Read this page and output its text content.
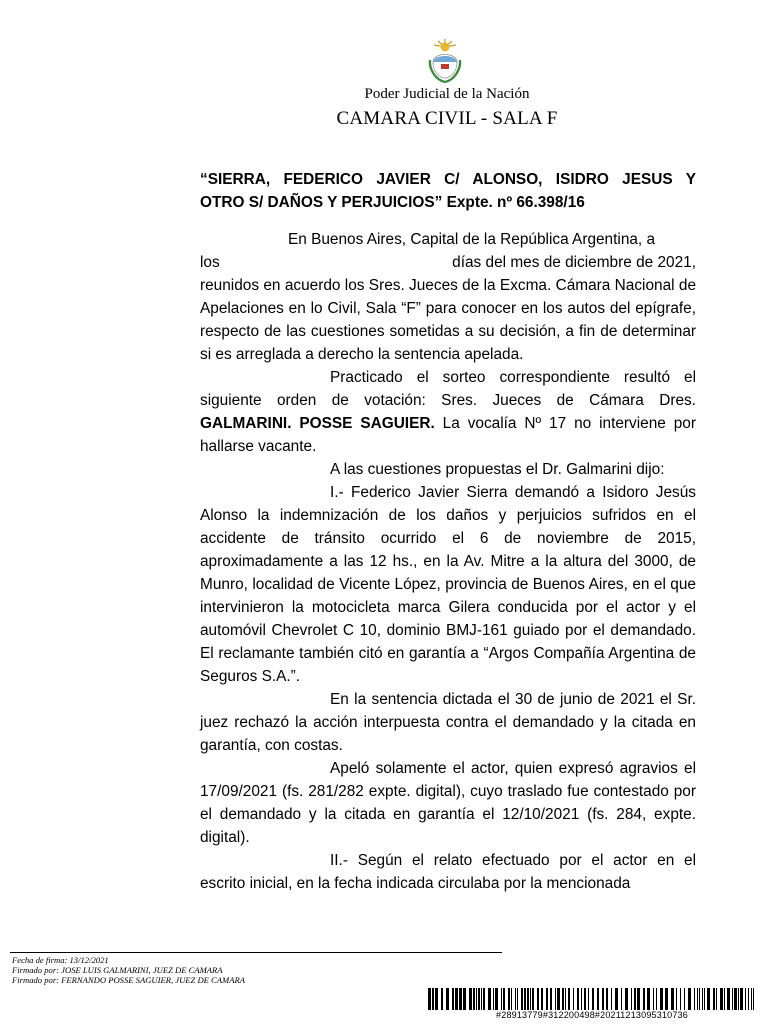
Poder Judicial de la Nación
CAMARA CIVIL - SALA F
“SIERRA, FEDERICO JAVIER C/ ALONSO, ISIDRO JESUS Y
OTRO S/ DAÑOS Y PERJUICIOS” Expte. nº 66.398/16

En Buenos Aires, Capital de la República Argentina, a

los	días del mes de diciembre de 2021,

reunidos en acuerdo los Sres. Jueces de la Excma. Cámara Nacional de Apelaciones en lo Civil, Sala “F” para conocer en los autos del epígrafe, respecto de las cuestiones sometidas a su decisión, a fin de determinar si es arreglada a derecho la sentencia apelada.

Practicado el sorteo correspondiente resultó el siguiente orden de votación: Sres. Jueces de Cámara Dres. GALMARINI. POSSE SAGUIER. La vocalía Nº 17 no interviene por hallarse vacante.

A las cuestiones propuestas el Dr. Galmarini dijo:

I.- Federico Javier Sierra demandó a Isidoro Jesús Alonso la indemnización de los daños y perjuicios sufridos en el accidente de tránsito ocurrido el 6 de noviembre de 2015, aproximadamente a las 12 hs., en la Av. Mitre a la altura del 3000, de Munro, localidad de Vicente López, provincia de Buenos Aires, en el que intervinieron la motocicleta marca Gilera conducida por el actor y el automóvil Chevrolet C 10, dominio BMJ-161 guiado por el demandado. El reclamante también citó en garantía a “Argos Compañía Argentina de Seguros S.A.”.

En la sentencia dictada el 30 de junio de 2021 el Sr. juez rechazó la acción interpuesta contra el demandado y la citada en garantía, con costas.

Apeló solamente el actor, quien expresó agravios el 17/09/2021 (fs. 281/282 expte. digital), cuyo traslado fue contestado por el demandado y la citada en garantía el 12/10/2021 (fs. 284, expte. digital).

II.- Según el relato efectuado por el actor en el escrito inicial, en la fecha indicada circulaba por la mencionada

Fecha de firma: 13/12/2021
Firmado por: JOSE LUIS GALMARINI, JUEZ DE CAMARA
Firmado por: FERNANDO POSSE SAGUIER, JUEZ DE CAMARA
#28913779#312200498#20211213095310736
